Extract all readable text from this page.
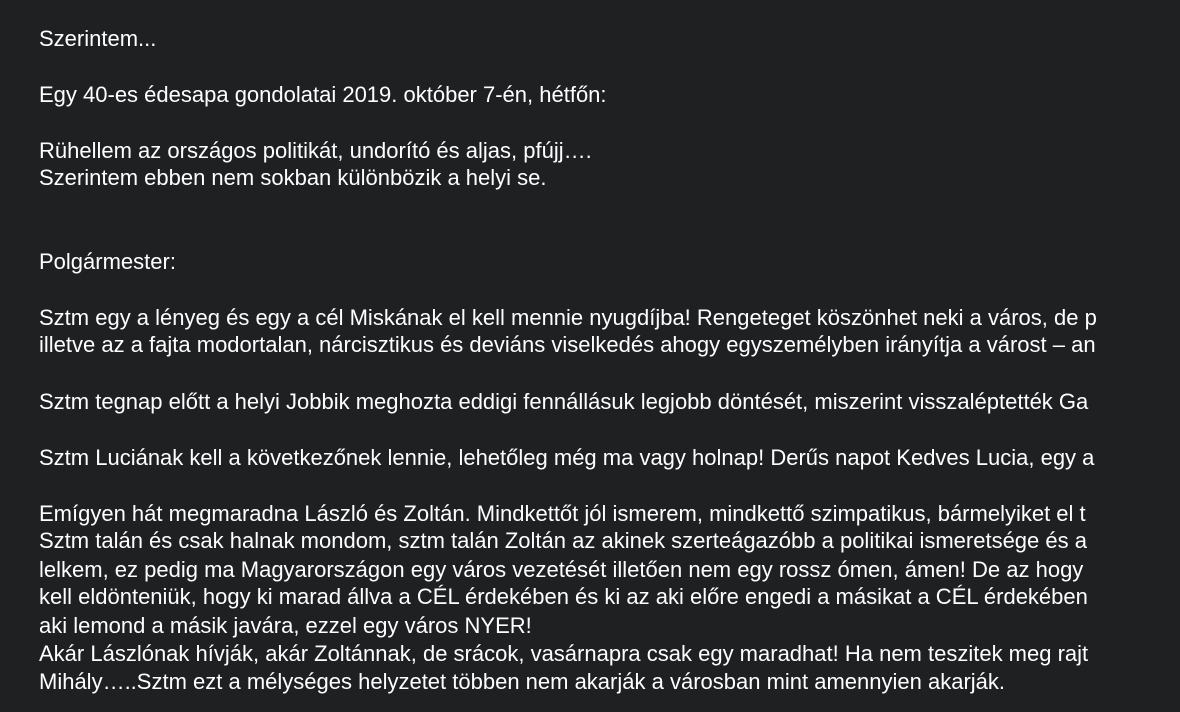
Szerintem...

Egy 40-es édesapa gondolatai 2019. október 7-én, hétfőn:

Rühellem az országos politikát, undorító és aljas, pfújj….

Szerintem ebben nem sokban különbözik a helyi se.

Polgármester:

Sztm egy a lényeg és egy a cél Miskának el kell mennie nyugdíjba! Rengeteget köszönhet neki a város, de p

illetve az a fajta modortalan, nárcisztikus és deviáns viselkedés ahogy egyszemélyben irányítja a várost – an

Sztm tegnap előtt a helyi Jobbik meghozta eddigi fennállásuk legjobb döntését, miszerint visszaléptették Ga

Sztm Luciának kell a következőnek lennie, lehetőleg még ma vagy holnap! Derűs napot Kedves Lucia, egy a

Emígyen hát megmaradna László és Zoltán. Mindkettőt jól ismerem, mindkettő szimpatikus, bármelyiket el t

Sztm talán és csak halnak mondom, sztm talán Zoltán az akinek szerteágazóbb a politikai ismeretsége és a

lelkem, ez pedig ma Magyarországon egy város vezetését illetően nem egy rossz ómen, ámen! De az hogy

kell eldönteniük, hogy ki marad állva a CÉL érdekében és ki az aki előre engedi a másikat a CÉL érdekében

aki lemond a másik javára, ezzel egy város NYER!

Akár Lászlónak hívják, akár Zoltánnak, de srácok, vasárnapra csak egy maradhat! Ha nem teszitek meg rajt

Mihály…..Sztm ezt a mélységes helyzetet többen nem akarják a városban mint amennyien akarják.
